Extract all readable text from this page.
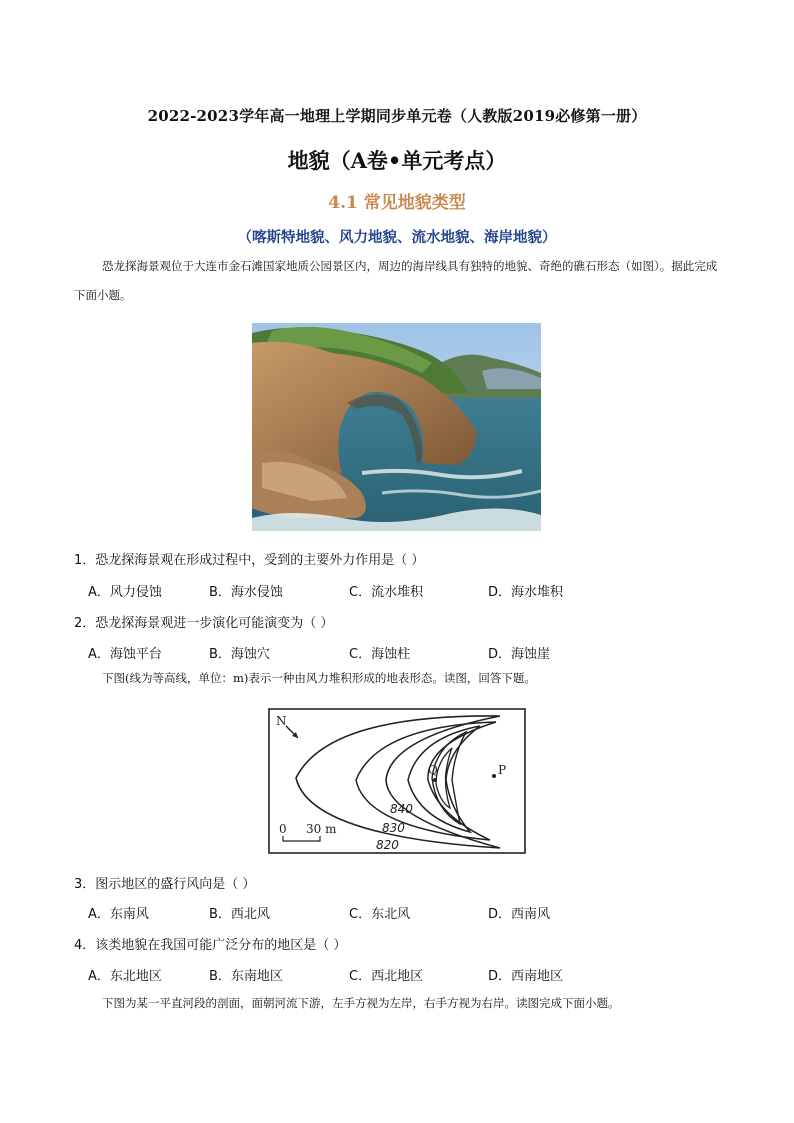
2022-2023学年高一地理上学期同步单元卷（人教版2019必修第一册）
地貌（A卷•单元考点）
4.1 常见地貌类型
（喀斯特地貌、风力地貌、流水地貌、海岸地貌）
恐龙探海景观位于大连市金石滩国家地质公园景区内，周边的海岸线具有独特的地貌、奇绝的礁石形态（如图）。据此完成下面小题。
1．恐龙探海景观在形成过程中，受到的主要外力作用是（ ）
A．风力侵蚀	B．海水侵蚀	C．流水堆积	D．海水堆积
2．恐龙探海景观进一步演化可能演变为（ ）
A．海蚀平台	B．海蚀穴	C．海蚀柱	D．海蚀崖
下图(线为等高线，单位：m)表示一种由风力堆积形成的地表形态。读图，回答下题。
N
Q	P
840
830
820
0 30 m
3．图示地区的盛行风向是（ ）
A．东南风	B．西北风	C．东北风	D．西南风
4．该类地貌在我国可能广泛分布的地区是（ ）
A．东北地区	B．东南地区	C．西北地区	D．西南地区
下图为某一平直河段的剖面，面朝河流下游，左手方视为左岸，右手方视为右岸。读图完成下面小题。
